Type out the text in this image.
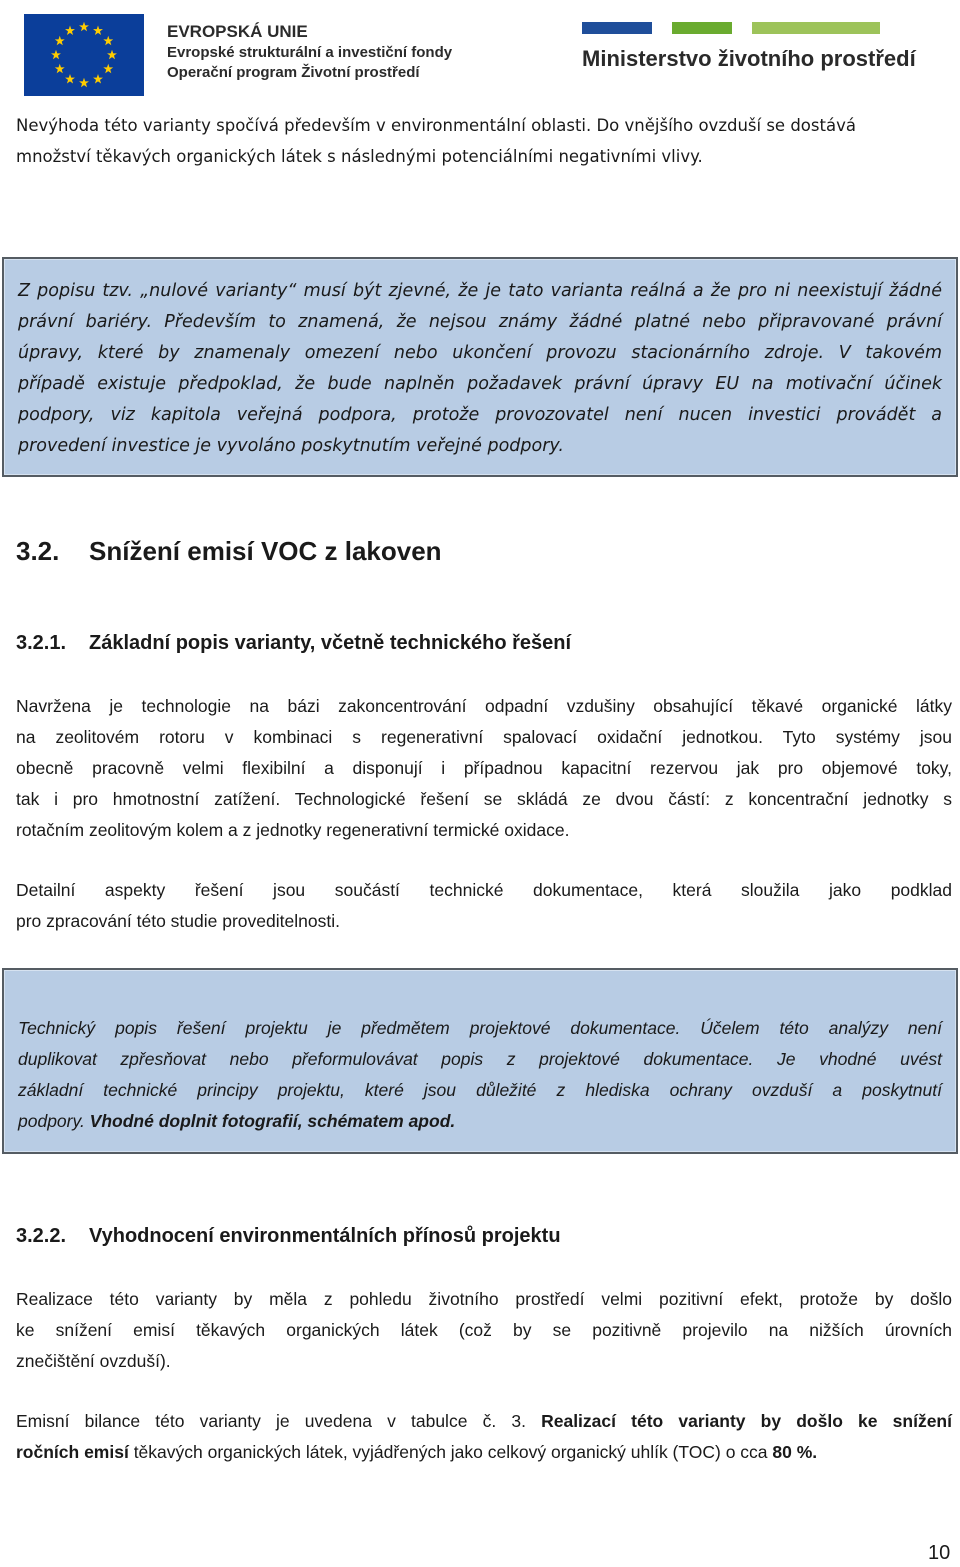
EVROPSKÁ UNIE
Evropské strukturální a investiční fondy
Operační program Životní prostředí
Ministerstvo životního prostředí
Nevýhoda této varianty spočívá především v environmentální oblasti. Do vnějšího ovzduší se dostává
množství těkavých organických látek s následnými potenciálními negativními vlivy.
Z popisu tzv. „nulové varianty“ musí být zjevné, že je tato varianta reálná a že pro ni neexistují žádné
právní bariéry. Především to znamená, že nejsou známy žádné platné nebo připravované právní
úpravy, které by znamenaly omezení nebo ukončení provozu stacionárního zdroje. V takovém
případě existuje předpoklad, že bude naplněn požadavek právní úpravy EU na motivační účinek
podpory, viz kapitola veřejná podpora, protože provozovatel není nucen investici provádět a
provedení investice je vyvoláno poskytnutím veřejné podpory.
3.2. Snížení emisí VOC z lakoven
3.2.1. Základní popis varianty, včetně technického řešení
Navržena je technologie na bázi zakoncentrování odpadní vzdušiny obsahující těkavé organické látky
na zeolitovém rotoru v kombinaci s regenerativní spalovací oxidační jednotkou. Tyto systémy jsou
obecně pracovně velmi flexibilní a disponují i případnou kapacitní rezervou jak pro objemové toky,
tak i pro hmotnostní zatížení. Technologické řešení se skládá ze dvou částí: z koncentrační jednotky s
rotačním zeolitovým kolem a z jednotky regenerativní termické oxidace.
Detailní aspekty řešení jsou součástí technické dokumentace, která sloužila jako podklad
pro zpracování této studie proveditelnosti.
Technický popis řešení projektu je předmětem projektové dokumentace. Účelem této analýzy není
duplikovat zpřesňovat nebo přeformulovávat popis z projektové dokumentace. Je vhodné uvést
základní technické principy projektu, které jsou důležité z hlediska ochrany ovzduší a poskytnutí
podpory. Vhodné doplnit fotografií, schématem apod.
3.2.2. Vyhodnocení environmentálních přínosů projektu
Realizace této varianty by měla z pohledu životního prostředí velmi pozitivní efekt, protože by došlo
ke snížení emisí těkavých organických látek (což by se pozitivně projevilo na nižších úrovních
znečištění ovzduší).
Emisní bilance této varianty je uvedena v tabulce č. 3. Realizací této varianty by došlo ke snížení
ročních emisí těkavých organických látek, vyjádřených jako celkový organický uhlík (TOC) o cca 80 %.
10
